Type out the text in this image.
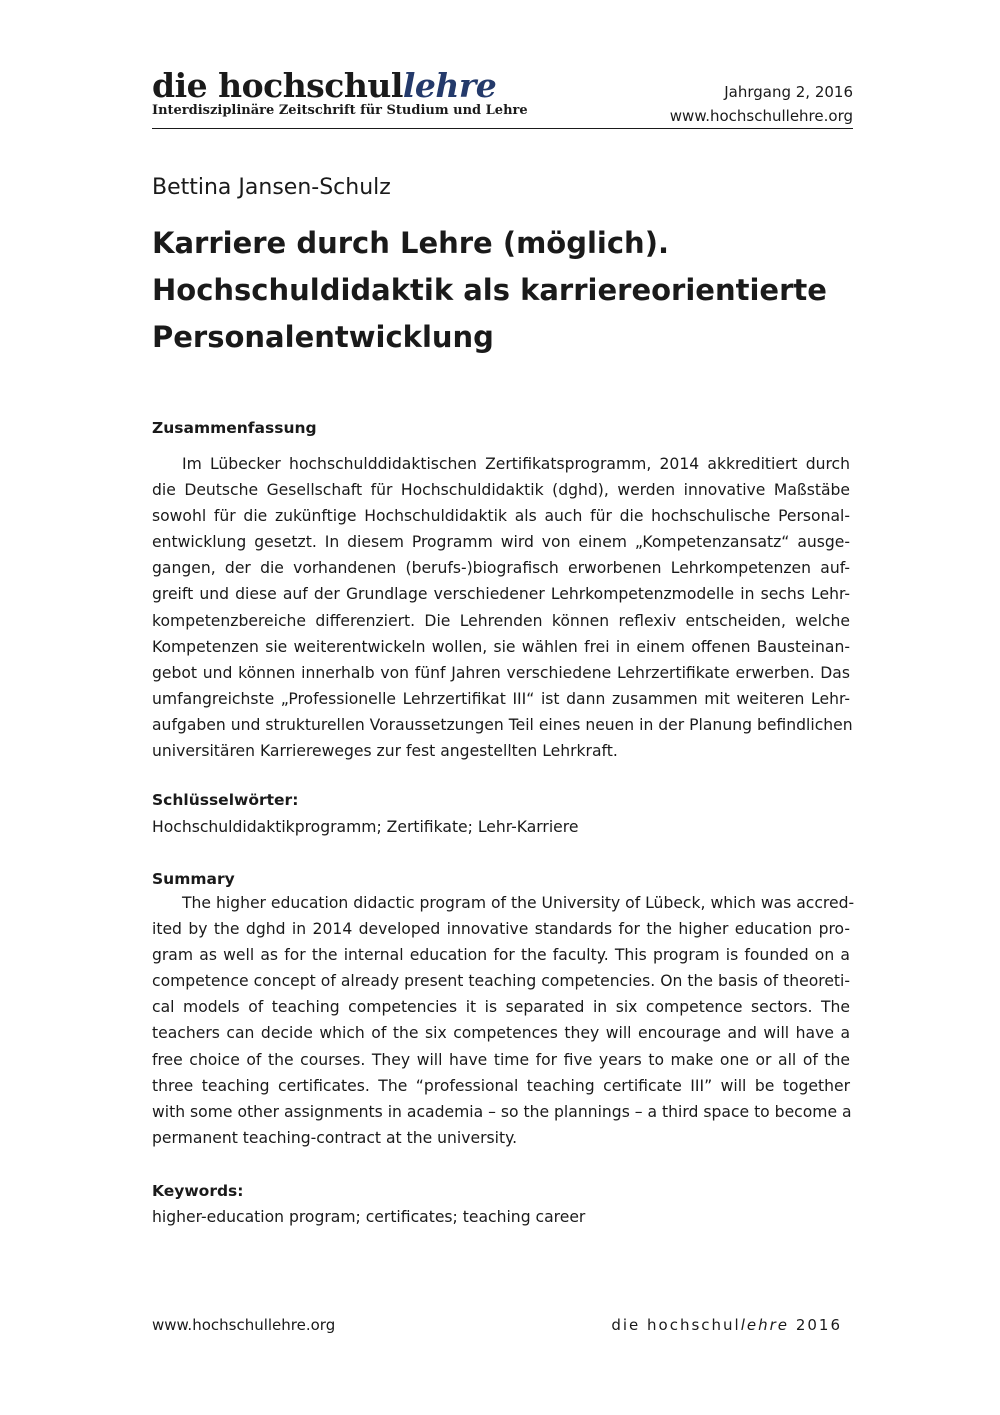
die hochschullehre
Interdisziplinäre Zeitschrift für Studium und Lehre
Jahrgang 2, 2016
www.hochschullehre.org
Bettina Jansen-Schulz
Karriere durch Lehre (möglich).
Hochschuldidaktik als karriereorientierte
Personalentwicklung
Zusammenfassung

Im Lübecker hochschulddidaktischen Zertifikatsprogramm, 2014 akkreditiert durch
die Deutsche Gesellschaft für Hochschuldidaktik (dghd), werden innovative Maßstäbe
sowohl für die zukünftige Hochschuldidaktik als auch für die hochschulische Personal-
entwicklung gesetzt. In diesem Programm wird von einem „Kompetenzansatz“ ausge-
gangen, der die vorhandenen (berufs-)biografisch erworbenen Lehrkompetenzen auf-
greift und diese auf der Grundlage verschiedener Lehrkompetenzmodelle in sechs Lehr-
kompetenzbereiche differenziert. Die Lehrenden können reflexiv entscheiden, welche
Kompetenzen sie weiterentwickeln wollen, sie wählen frei in einem offenen Bausteinan-
gebot und können innerhalb von fünf Jahren verschiedene Lehrzertifikate erwerben. Das
umfangreichste „Professionelle Lehrzertifikat III“ ist dann zusammen mit weiteren Lehr-
aufgaben und strukturellen Voraussetzungen Teil eines neuen in der Planung befindlichen
universitären Karriereweges zur fest angestellten Lehrkraft.

Schlüsselwörter:
Hochschuldidaktikprogramm; Zertifikate; Lehr-Karriere
Summary

The higher education didactic program of the University of Lübeck, which was accred-
ited by the dghd in 2014 developed innovative standards for the higher education pro-
gram as well as for the internal education for the faculty. This program is founded on a
competence concept of already present teaching competencies. On the basis of theoreti-
cal models of teaching competencies it is separated in six competence sectors. The
teachers can decide which of the six competences they will encourage and will have a
free choice of the courses. They will have time for five years to make one or all of the
three teaching certificates. The “professional teaching certificate III” will be together
with some other assignments in academia – so the plannings – a third space to become a
permanent teaching-contract at the university.

Keywords:
higher-education program; certificates; teaching career
www.hochschullehre.org	die hochschullehre 2016
